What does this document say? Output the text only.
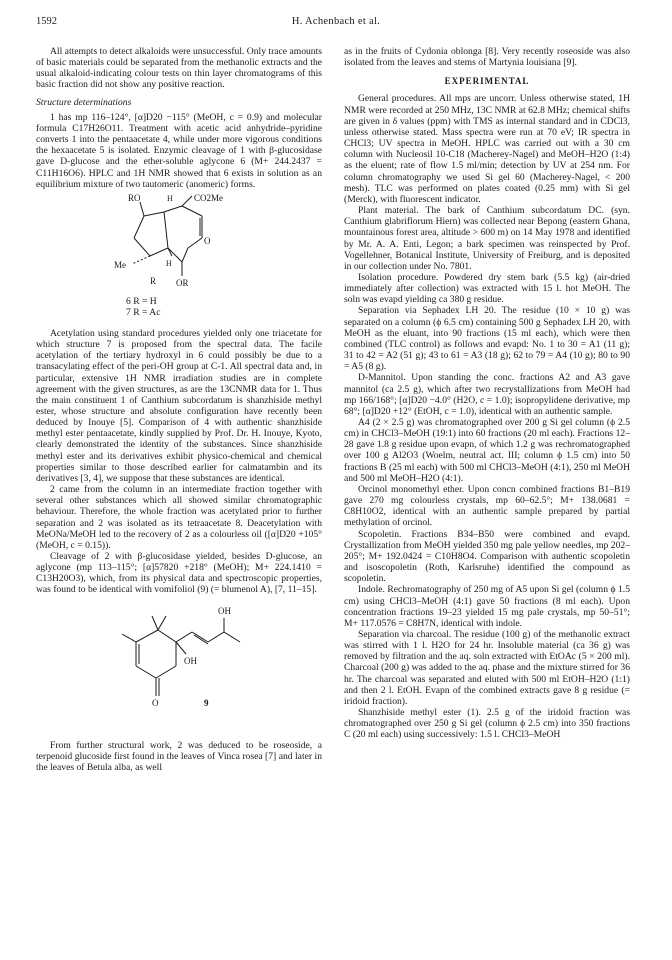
1592	H. Achenbach et al.

All attempts to detect alkaloids were unsuccessful. Only trace amounts of basic materials could be separated from the methanolic extracts and the usual alkaloid-indicating colour tests on thin layer chromatograms of this basic fraction did not show any positive reaction.

Structure determinations

1 has mp 116–124°, [α]D20 −115° (MeOH, c = 0.9) and molecular formula C17H26O11. Treatment with acetic acid anhydride–pyridine converts 1 into the pentaacetate 4, while under more vigorous conditions the hexaacetate 5 is isolated. Enzymic cleavage of 1 with β-glucosidase gave D-glucose and the ether-soluble aglycone 6 (M+ 244.2437 = C11H16O6). HPLC and 1H NMR showed that 6 exists in solution as an equilibrium mixture of two tautomeric (anomeric) forms.

RO	H CO2Me
Me	H
O
R OR
6 R = H
7 R = Ac

Acetylation using standard procedures yielded only one triacetate for which structure 7 is proposed from the spectral data. The facile acetylation of the tertiary hydroxyl in 6 could possibly be due to a transacylating effect of the peri-OH group at C-1. All spectral data and, in particular, extensive 1H NMR irradiation studies are in complete agreement with the given structures, as are the 13CNMR data for 1. Thus the main constituent 1 of Canthium subcordatum is shanzhiside methyl ester, whose structure and absolute configuration have recently been deduced by Inouye [5]. Comparison of 4 with authentic shanzhiside methyl ester pentaacetate, kindly supplied by Prof. Dr. H. Inouye, Kyoto, clearly demonstrated the identity of the substances. Since shanzhiside methyl ester and its derivatives exhibit physico-chemical and chemical properties similar to those described earlier for calmatambin and its derivatives [3, 4], we suppose that these substances are identical.

2 came from the column in an intermediate fraction together with several other substances which all showed similar chromatographic behaviour. Therefore, the whole fraction was acetylated prior to further separation and 2 was isolated as its tetraacetate 8. Deacetylation with MeONa/MeOH led to the recovery of 2 as a colourless oil ([α]D20 +105° (MeOH, c = 0.15)).

Cleavage of 2 with β-glucosidase yielded, besides D-glucose, an aglycone (mp 113–115°; [α]57820 +218° (MeOH); M+ 224.1410 = C13H20O3), which, from its physical data and spectroscopic properties, was found to be identical with vomifoliol (9) (= blumenol A), [7, 11–15].

OH
OH
O	9

From further structural work, 2 was deduced to be roseoside, a terpenoid glucoside first found in the leaves of Vinca rosea [7] and later in the leaves of Betula alba, as well

as in the fruits of Cydonia oblonga [8]. Very recently roseoside was also isolated from the leaves and stems of Martynia louisiana [9].

EXPERIMENTAL

General procedures. All mps are uncorr. Unless otherwise stated, 1H NMR were recorded at 250 MHz, 13C NMR at 62.8 MHz; chemical shifts are given in δ values (ppm) with TMS as internal standard and in CDCl3, unless otherwise stated. Mass spectra were run at 70 eV; IR spectra in CHCl3; UV spectra in MeOH. HPLC was carried out with a 30 cm column with Nucleosil 10-C18 (Macherey-Nagel) and MeOH–H2O (1:4) as the eluent; rate of flow 1.5 ml/min; detection by UV at 254 nm. For column chromatography we used Si gel 60 (Macherey-Nagel, < 200 mesh). TLC was performed on plates coated (0.25 mm) with Si gel (Merck), with fluorescent indicator.

Plant material. The bark of Canthium subcordatum DC. (syn. Canthium glabriflorum Hiern) was collected near Bepong (eastern Ghana, mountainous forest area, altitude > 600 m) on 14 May 1978 and identified by Mr. A. A. Enti, Legon; a bark specimen was reinspected by Prof. Vogellehner, Botanical Institute, University of Freiburg, and is deposited in our collection under No. 7801.

Isolation procedure. Powdered dry stem bark (5.5 kg) (air-dried immediately after collection) was extracted with 15 l. hot MeOH. The soln was evapd yielding ca 380 g residue.

Separation via Sephadex LH 20. The residue (10 × 10 g) was separated on a column (ϕ 6.5 cm) containing 500 g Sephadex LH 20, with MeOH as the eluant, into 90 fractions (15 ml each), which were then combined (TLC control) as follows and evapd: No. 1 to 30 = A1 (11 g); 31 to 42 = A2 (51 g); 43 to 61 = A3 (18 g); 62 to 79 = A4 (10 g); 80 to 90 = A5 (8 g).

D-Mannitol. Upon standing the conc. fractions A2 and A3 gave mannitol (ca 2.5 g), which after two recrystallizations from MeOH had mp 166/168°; [α]D20 −4.0° (H2O, c = 1.0); isopropylidene derivative, mp 68°; [α]D20 +12° (EtOH, c = 1.0), identical with an authentic sample.

A4 (2 × 2.5 g) was chromatographed over 200 g Si gel column (ϕ 2.5 cm) in CHCl3–MeOH (19:1) into 60 fractions (20 ml each). Fractions 12–28 gave 1.8 g residue upon evapn, of which 1.2 g was rechromatographed over 100 g Al2O3 (Woelm, neutral act. III; column ϕ 1.5 cm) into 50 fractions B (25 ml each) with 500 ml CHCl3–MeOH (4:1), 250 ml MeOH and 500 ml MeOH–H2O (4:1).

Orcinol monomethyl ether. Upon concn combined fractions B1–B19 gave 270 mg colourless crystals, mp 60–62.5°; M+ 138.0681 = C8H10O2, identical with an authentic sample prepared by partial methylation of orcinol.

Scopoletin. Fractions B34–B50 were combined and evapd. Crystallization from MeOH yielded 350 mg pale yellow needles, mp 202–205°; M+ 192.0424 = C10H8O4. Comparison with authentic scopoletin and isoscopoletin (Roth, Karlsruhe) identified the compound as scopoletin.

Indole. Rechromatography of 250 mg of A5 upon Si gel (column ϕ 1.5 cm) using CHCl3–MeOH (4:1) gave 50 fractions (8 ml each). Upon concentration fractions 19–23 yielded 15 mg pale crystals, mp 50–51°; M+ 117.0576 = C8H7N, identical with indole.

Separation via charcoal. The residue (100 g) of the methanolic extract was stirred with 1 l. H2O for 24 hr. Insoluble material (ca 36 g) was removed by filtration and the aq. soln extracted with EtOAc (5 × 200 ml). Charcoal (200 g) was added to the aq. phase and the mixture stirred for 36 hr. The charcoal was separated and eluted with 500 ml EtOH–H2O (1:1) and then 2 l. EtOH. Evapn of the combined extracts gave 8 g residue (= iridoid fraction).

Shanzhiside methyl ester (1). 2.5 g of the iridoid fraction was chromatographed over 250 g Si gel (column ϕ 2.5 cm) into 350 fractions C (20 ml each) using successively: 1.5 l. CHCl3–MeOH
